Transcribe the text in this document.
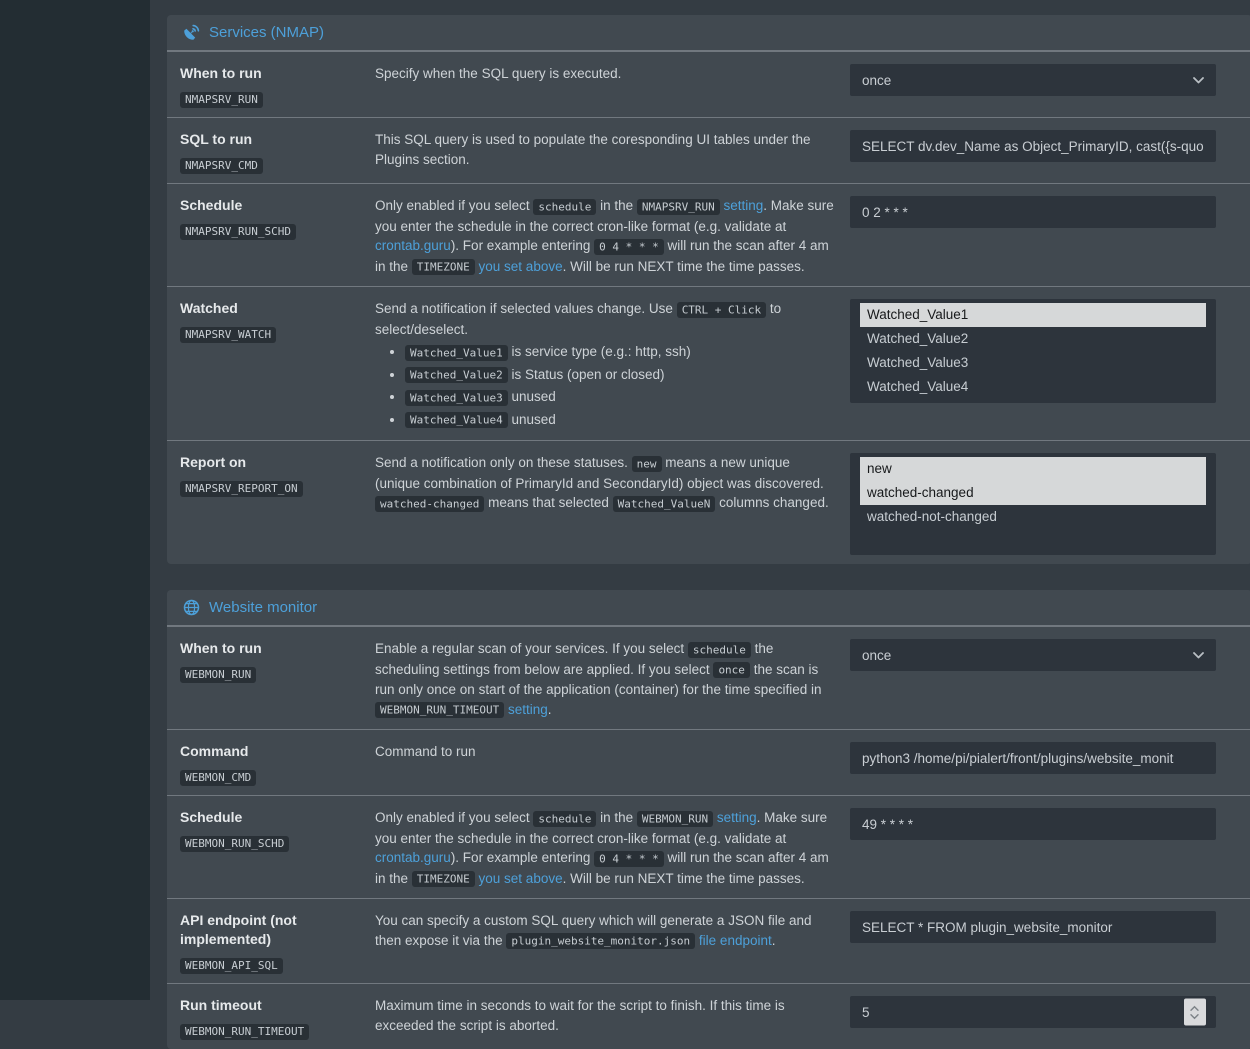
Services (NMAP)
When to run
NMAPSRV_RUN

Specify when the SQL query is executed.	once
SQL to run
NMAPSRV_CMD

This SQL query is used to populate the coresponding UI tables under the Plugins section.

SELECT dv.dev_Name as Object_PrimaryID, cast({s-quo
Schedule
NMAPSRV_RUN_SCHD

Only enabled if you select schedule in the NMAPSRV_RUN setting. Make sure you enter the schedule in the correct cron-like format (e.g. validate at crontab.guru). For example entering 0 4 * * * will run the scan after 4 am in the TIMEZONE you set above. Will be run NEXT time the time passes.

0 2 * * *
Watched
NMAPSRV_WATCH

Send a notification if selected values change. Use CTRL + Click to select/deselect.

• Watched_Value1 is service type (e.g.: http, ssh)
• Watched_Value2 is Status (open or closed)
• Watched_Value3 unused
• Watched_Value4 unused
Watched_Value1
Watched_Value2
Watched_Value3
Watched_Value4
Report on
NMAPSRV_REPORT_ON

Send a notification only on these statuses. new means a new unique (unique combination of PrimaryId and SecondaryId) object was discovered. watched-changed means that selected Watched_ValueN columns changed.

new
watched-changed
watched-not-changed
Website monitor
When to run
WEBMON_RUN

Enable a regular scan of your services. If you select schedule the scheduling settings from below are applied. If you select once the scan is run only once on start of the application (container) for the time specified in WEBMON_RUN_TIMEOUT setting.

once
Command
WEBMON_CMD

Command to run	python3 /home/pi/pialert/front/plugins/website_monit
Schedule
WEBMON_RUN_SCHD

Only enabled if you select schedule in the WEBMON_RUN setting. Make sure you enter the schedule in the correct cron-like format (e.g. validate at crontab.guru). For example entering 0 4 * * * will run the scan after 4 am in the TIMEZONE you set above. Will be run NEXT time the time passes.

49 * * * *
API endpoint (not implemented)
WEBMON_API_SQL

You can specify a custom SQL query which will generate a JSON file and then expose it via the plugin_website_monitor.json file endpoint.

SELECT * FROM plugin_website_monitor
Run timeout
WEBMON_RUN_TIMEOUT

Maximum time in seconds to wait for the script to finish. If this time is exceeded the script is aborted.

5
